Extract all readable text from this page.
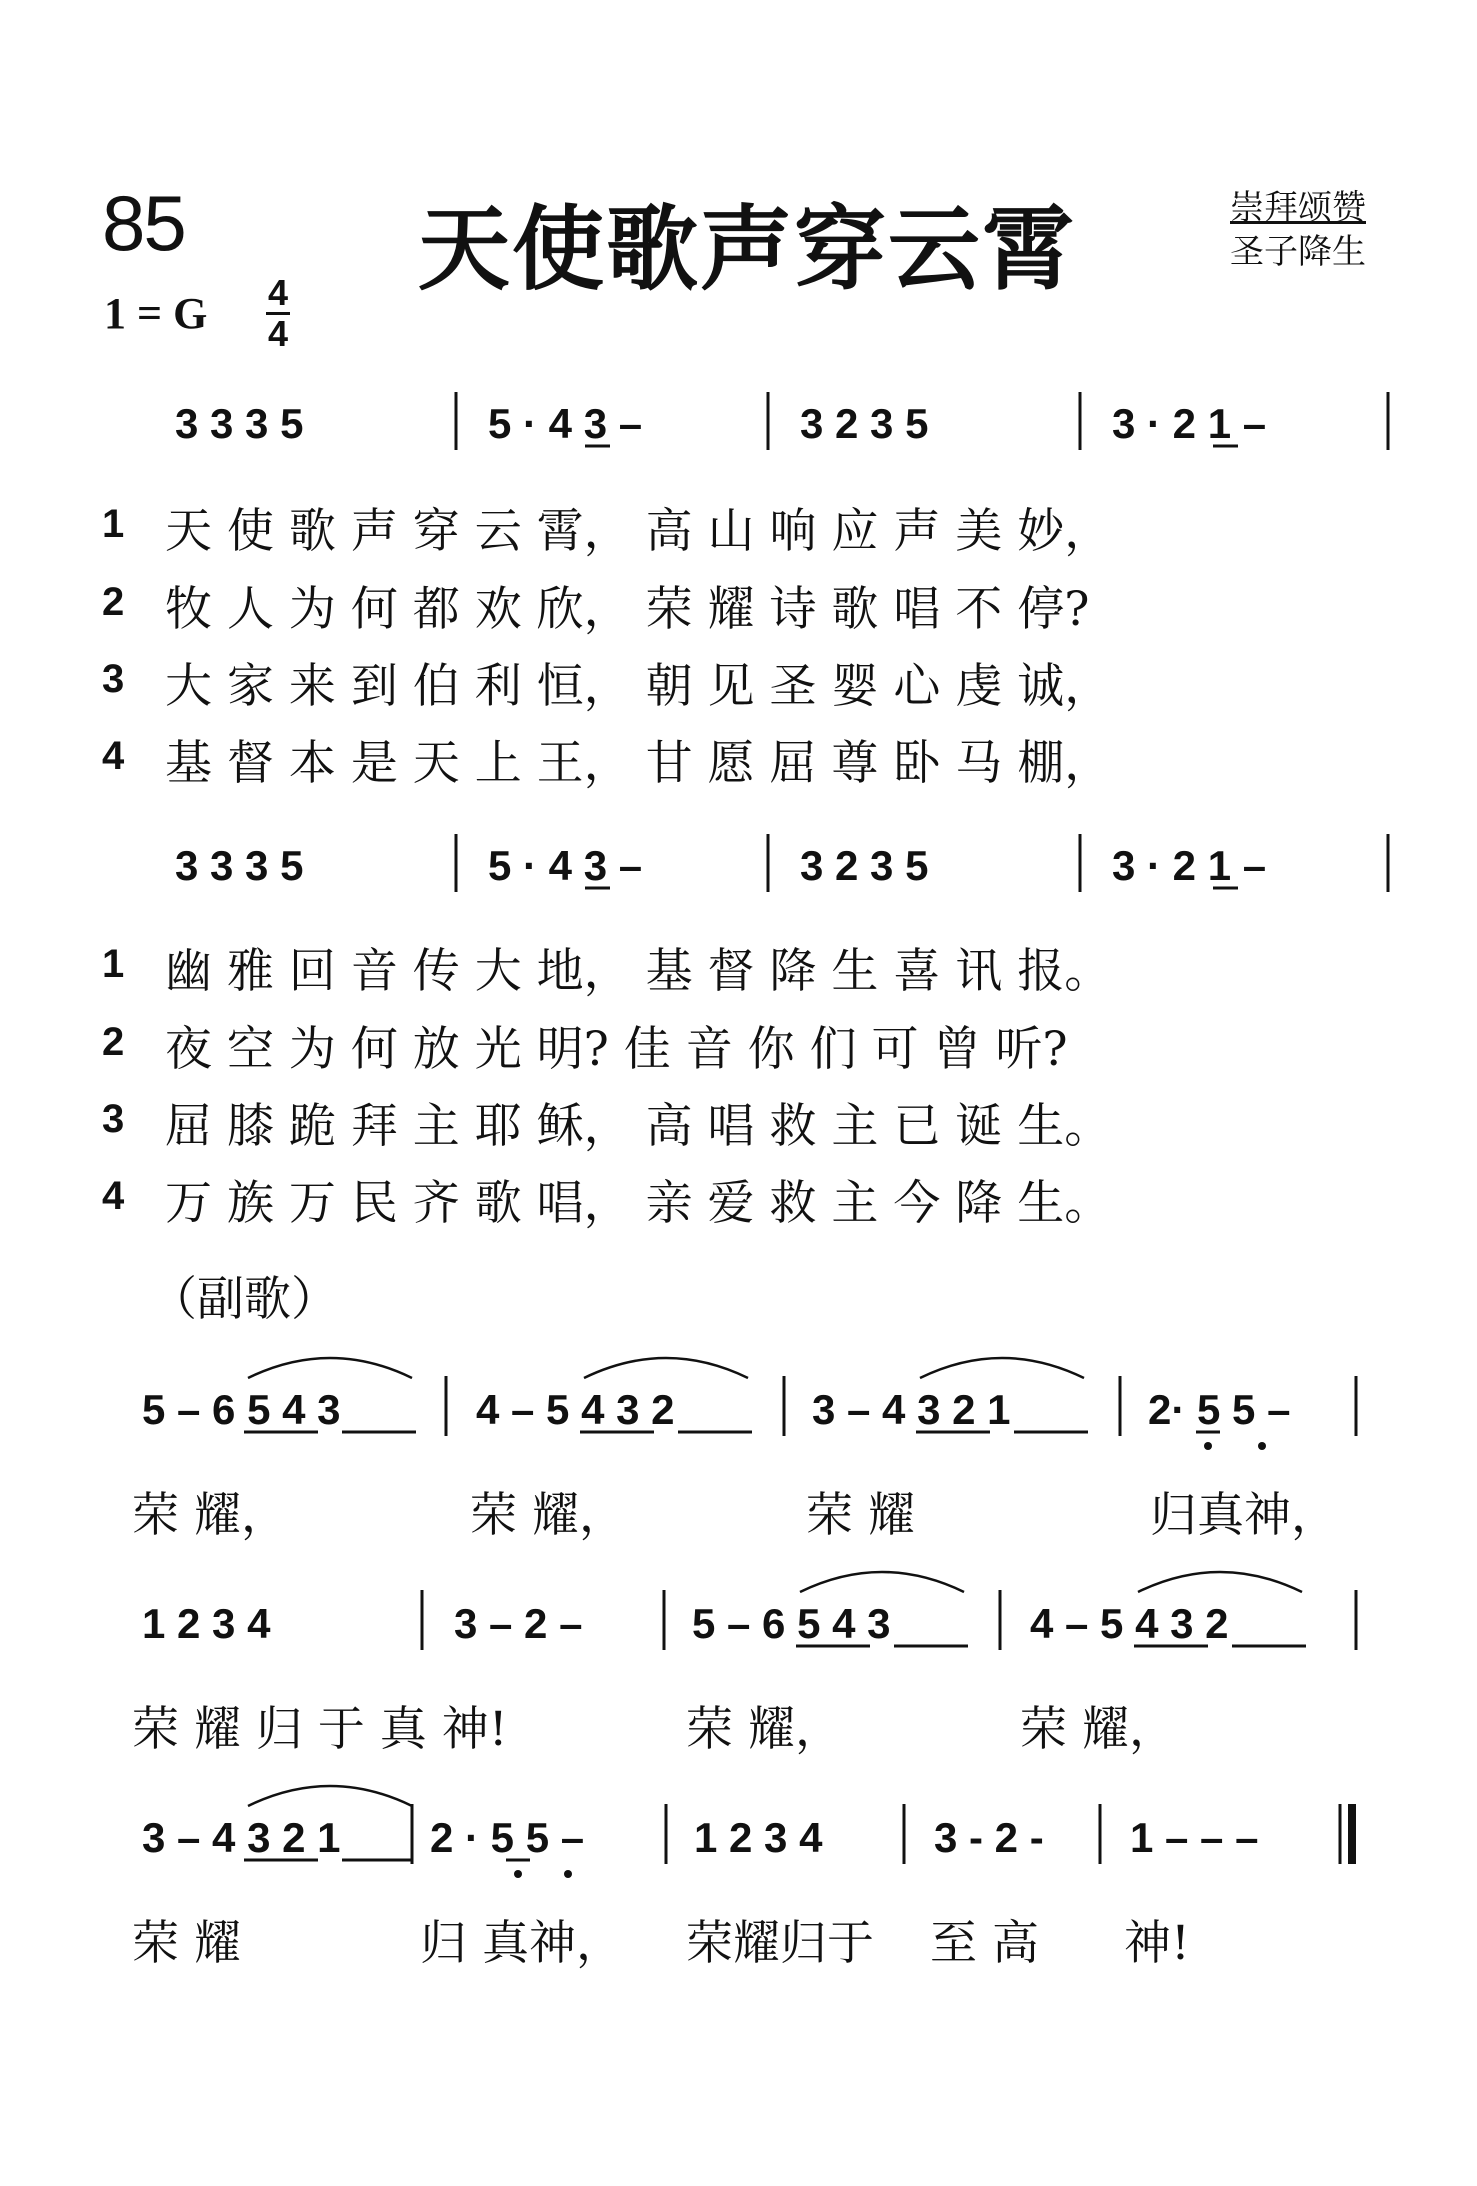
85	天使歌声穿云霄	崇拜颂赞
圣子降生
1 = G 4
4
3 3 3 5	5 · 4 3 –	3 2 3 5	3 · 2 1 –
1 天 使 歌 声 穿 云 霄， 高 山 响 应 声 美 妙，
2 牧 人 为 何 都 欢 欣， 荣 耀 诗 歌 唱 不 停?
3 大 家 来 到 伯 利 恒， 朝 见 圣 婴 心 虔 诚，
4 基 督 本 是 天 上 王， 甘 愿 屈 尊 卧 马 棚，
3 3 3 5	5 · 4 3 –	3 2 3 5	3 · 2 1 –
1 幽 雅 回 音 传 大 地， 基 督 降 生 喜 讯 报。
2 夜 空 为 何 放 光 明? 佳 音 你 们 可 曾 听?
3 屈 膝 跪 拜 主 耶 稣， 高 唱 救 主 已 诞 生。
4 万 族 万 民 齐 歌 唱， 亲 爱 救 主 今 降 生。
（副歌）
5 – 6 5 4 3	4 – 5 4 3 2	3 – 4 3 2 1	2· 5 5 –
荣 耀，	荣 耀，	荣 耀	归真神，
1 2 3 4	3 – 2 –	5 – 6 5 4 3	4 – 5 4 3 2
荣 耀 归 于 真 神!	荣 耀，	荣 耀，
3 – 4 3 2 1 2 · 5 5 –	1 2 3 4	3 - 2 - 1 – – –
荣 耀	归 真神， 荣耀归于 至 高 神!
